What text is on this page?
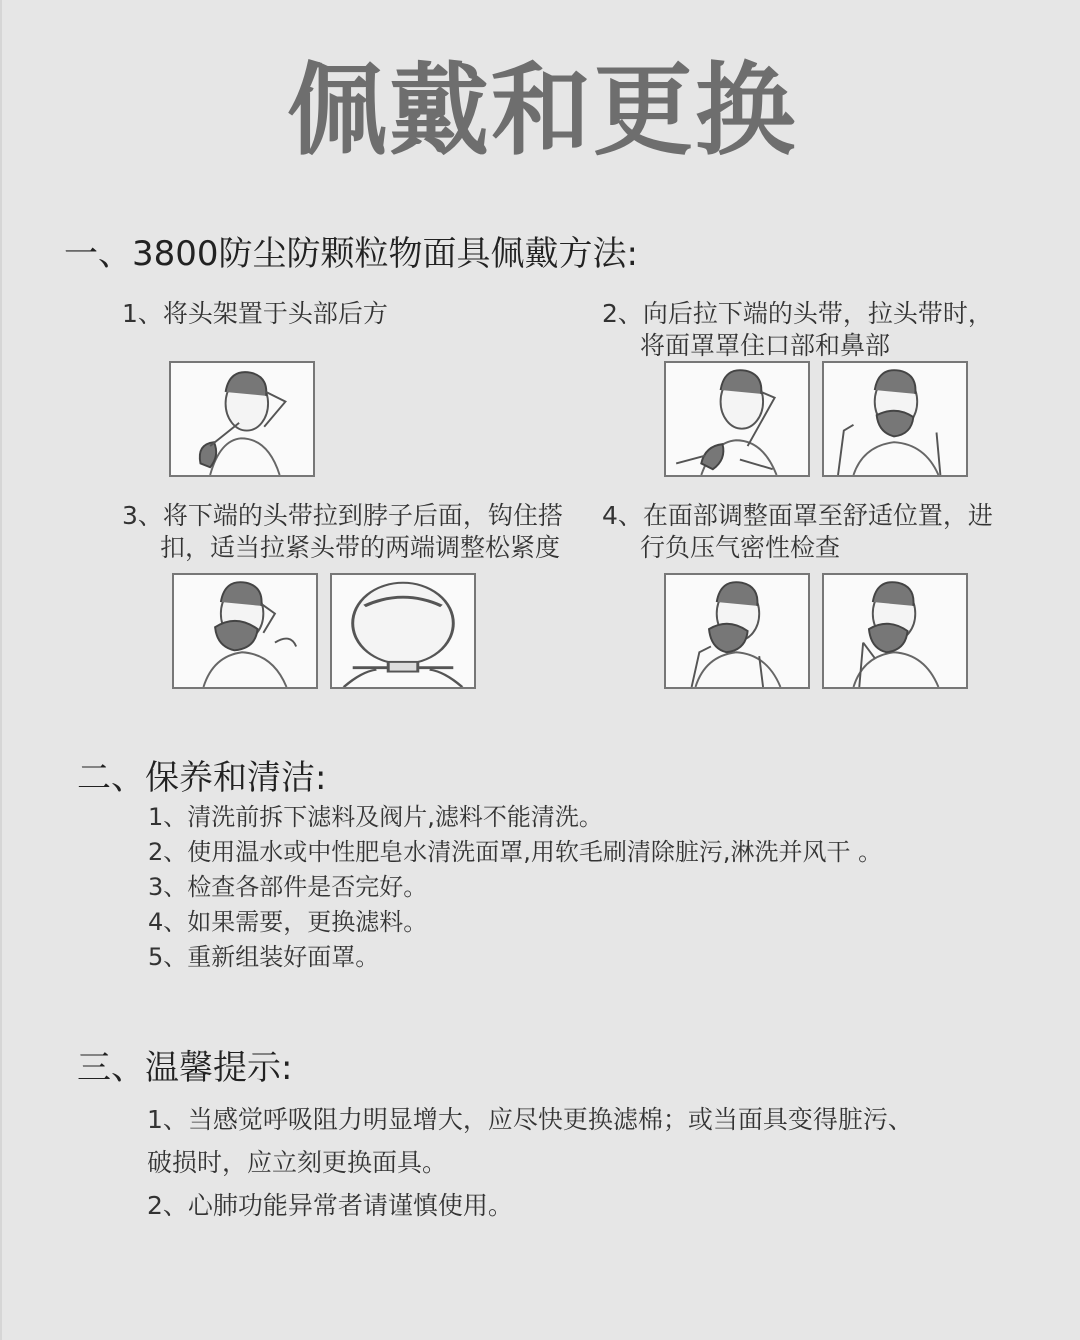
佩戴和更换
一、3800防尘防颗粒物面具佩戴方法:
1、将头架置于头部后方	2、向后拉下端的头带，拉头带时，
将面罩罩住口部和鼻部
3、将下端的头带拉到脖子后面，钩住搭
扣，适当拉紧头带的两端调整松紧度
4、在面部调整面罩至舒适位置，进
行负压气密性检查
二、保养和清洁:
1、清洗前拆下滤料及阀片,滤料不能清洗。
2、使用温水或中性肥皂水清洗面罩,用软毛刷清除脏污,淋洗并风干 。
3、检查各部件是否完好。
4、如果需要，更换滤料。
5、重新组装好面罩。
三、温馨提示:
1、当感觉呼吸阻力明显增大，应尽快更换滤棉；或当面具变得脏污、
破损时，应立刻更换面具。
2、心肺功能异常者请谨慎使用。
